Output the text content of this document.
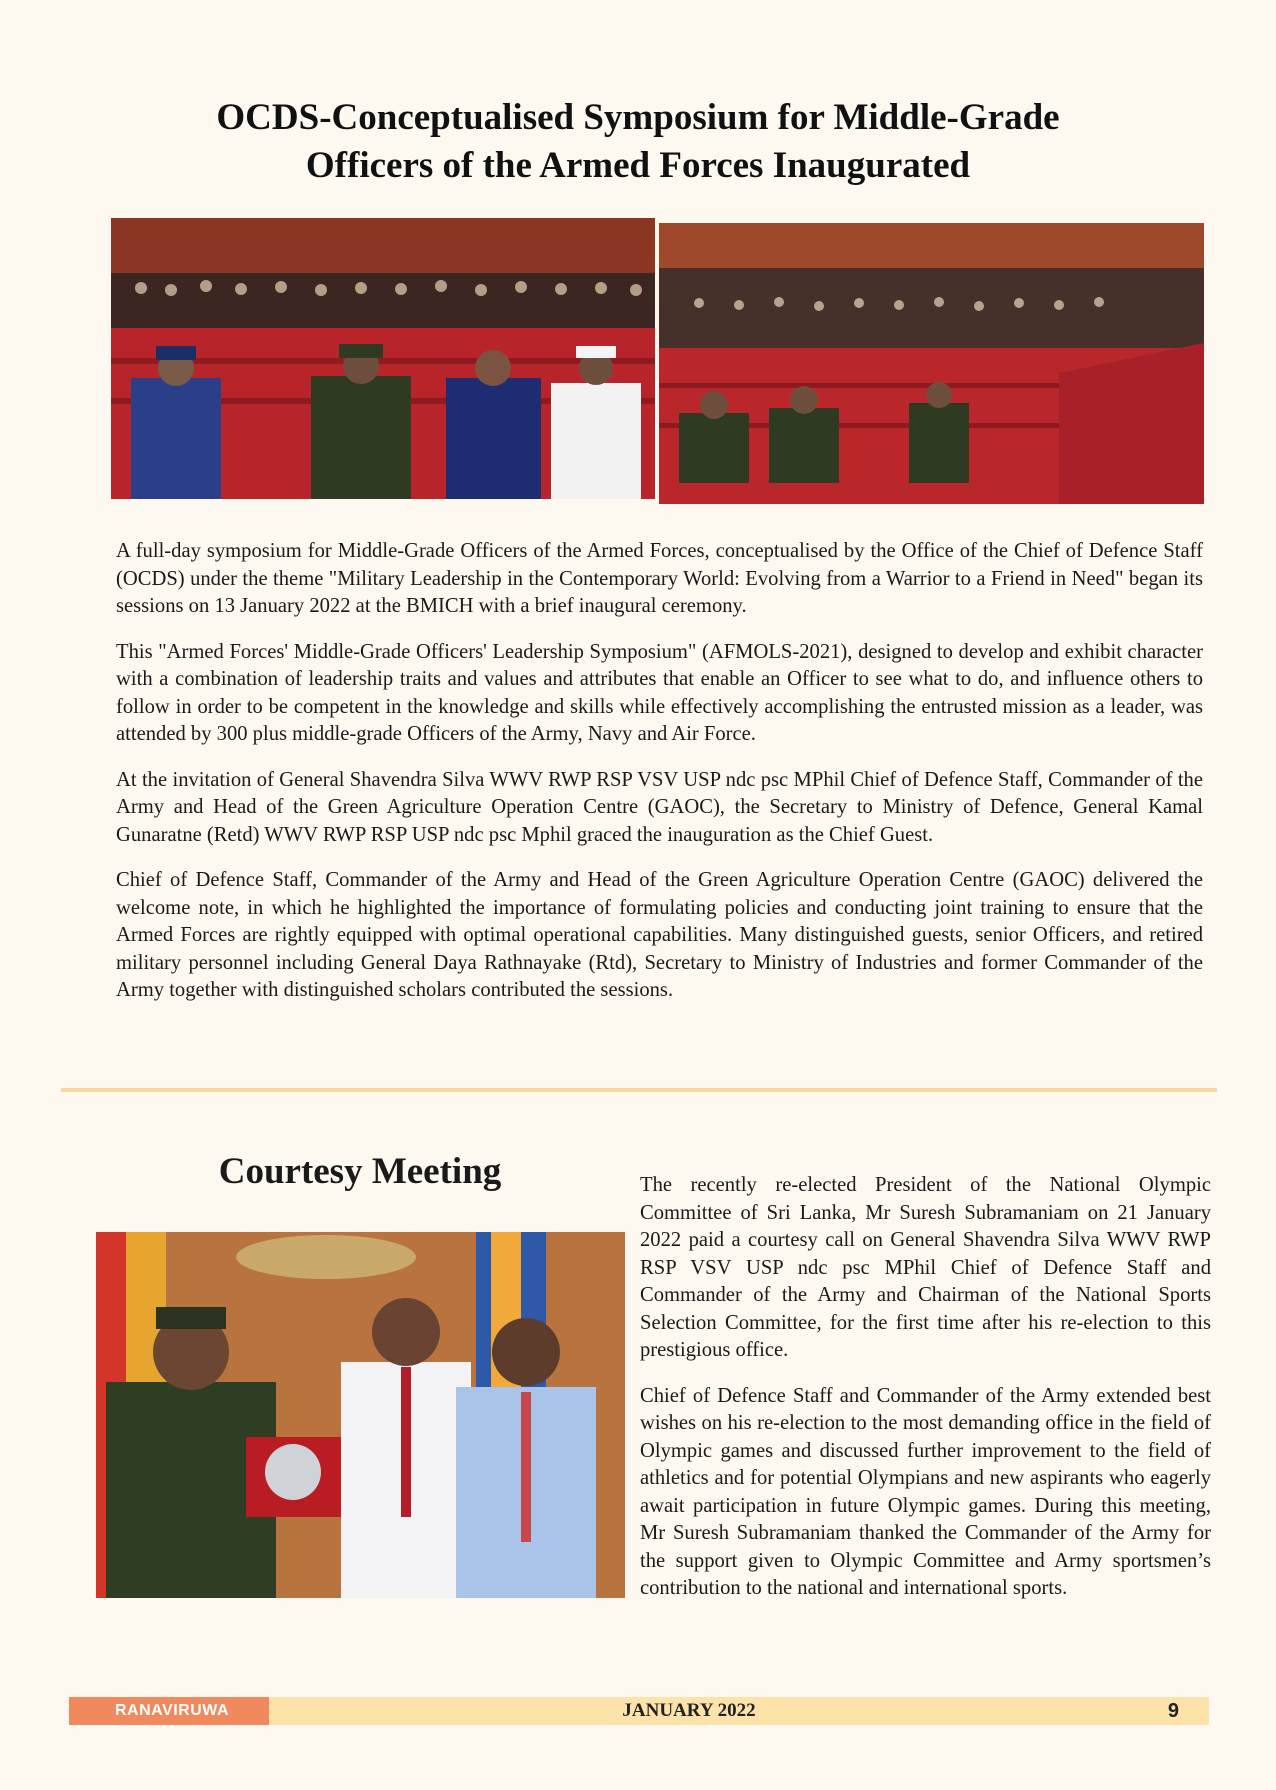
OCDS-Conceptualised Symposium for Middle-Grade
Officers of the Armed Forces Inaugurated

A full-day symposium for Middle-Grade Officers of the Armed Forces, conceptualised by the Office of the Chief of Defence Staff (OCDS) under the theme "Military Leadership in the Contemporary World: Evolving from a Warrior to a Friend in Need" began its sessions on 13 January 2022 at the BMICH with a brief inaugural ceremony.

This "Armed Forces' Middle-Grade Officers' Leadership Symposium" (AFMOLS-2021), designed to develop and exhibit character with a combination of leadership traits and values and attributes that enable an Officer to see what to do, and influence others to follow in order to be competent in the knowledge and skills while effectively accomplishing the entrusted mission as a leader, was attended by 300 plus middle-grade Officers of the Army, Navy and Air Force.

At the invitation of General Shavendra Silva WWV RWP RSP VSV USP ndc psc MPhil Chief of Defence Staff, Commander of the Army and Head of the Green Agriculture Operation Centre (GAOC), the Secretary to Ministry of Defence, General Kamal Gunaratne (Retd) WWV RWP RSP USP ndc psc Mphil graced the inauguration as the Chief Guest.

Chief of Defence Staff, Commander of the Army and Head of the Green Agriculture Operation Centre (GAOC) delivered the welcome note, in which he highlighted the importance of formulating policies and conducting joint training to ensure that the Armed Forces are rightly equipped with optimal operational capabilities. Many distinguished guests, senior Officers, and retired military personnel including General Daya Rathnayake (Rtd), Secretary to Ministry of Industries and former Commander of the Army together with distinguished scholars contributed the sessions.

Courtesy Meeting	The recently re-elected President of the National Olympic Committee of Sri Lanka, Mr Suresh Subramaniam on 21 January 2022 paid a courtesy call on General Shavendra Silva WWV RWP RSP VSV USP ndc psc MPhil Chief of Defence Staff and Commander of the Army and Chairman of the National Sports Selection Committee, for the first time after his re-election to this prestigious office.

Chief of Defence Staff and Commander of the Army extended best wishes on his re-election to the most demanding office in the field of Olympic games and discussed further improvement to the field of athletics and for potential Olympians and new aspirants who eagerly await participation in future Olympic games. During this meeting, Mr Suresh Subramaniam thanked the Commander of the Army for the support given to Olympic Committee and Army sportsmen’s contribution to the national and international sports.

RANAVIRUWA	JANUARY 2022	9
